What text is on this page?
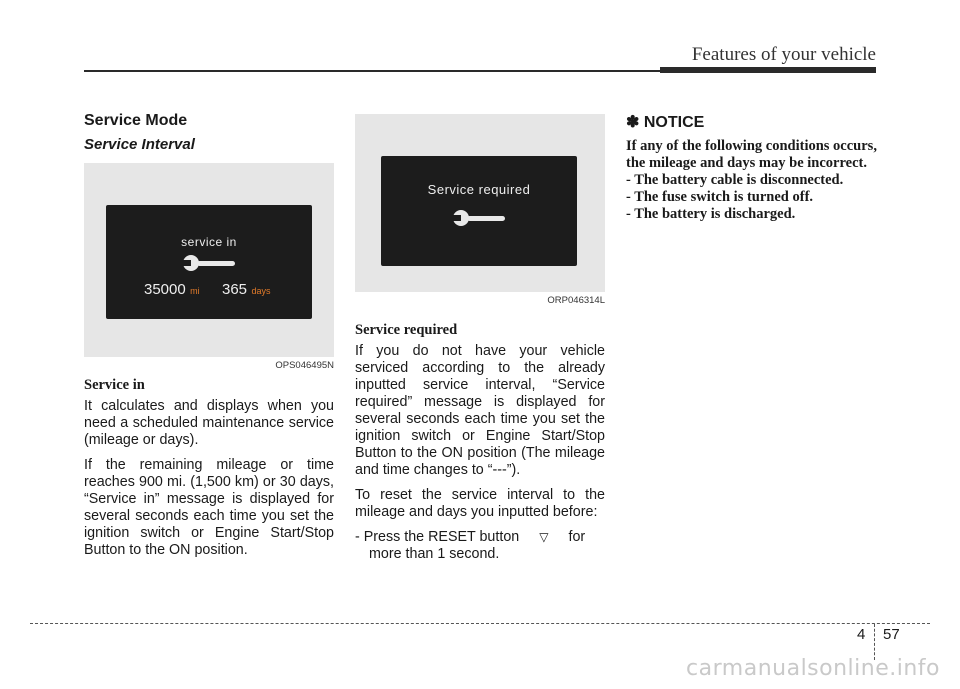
Features of your vehicle
Service Mode
Service Interval
service in
35000 mi 365 days
OPS046495N
Service in

It calculates and displays when you need a scheduled maintenance service (mileage or days).

If the remaining mileage or time reaches 900 mi. (1,500 km) or 30 days, “Service in” message is displayed for several seconds each time you set the ignition switch or Engine Start/Stop Button to the ON position.

Service required
ORP046314L
Service required

If you do not have your vehicle serviced according to the already inputted service interval, “Service required” message is displayed for several seconds each time you set the ignition switch or Engine Start/Stop Button to the ON position (The mileage and time changes to “---”).

To reset the service interval to the mileage and days you inputted before:

- Press the RESET button ▽ for more than 1 second.

✽ NOTICE

If any of the following conditions occurs, the mileage and days may be incorrect.

- The battery cable is disconnected.

- The fuse switch is turned off.

- The battery is discharged.

4 57
carmanualsonline.info
